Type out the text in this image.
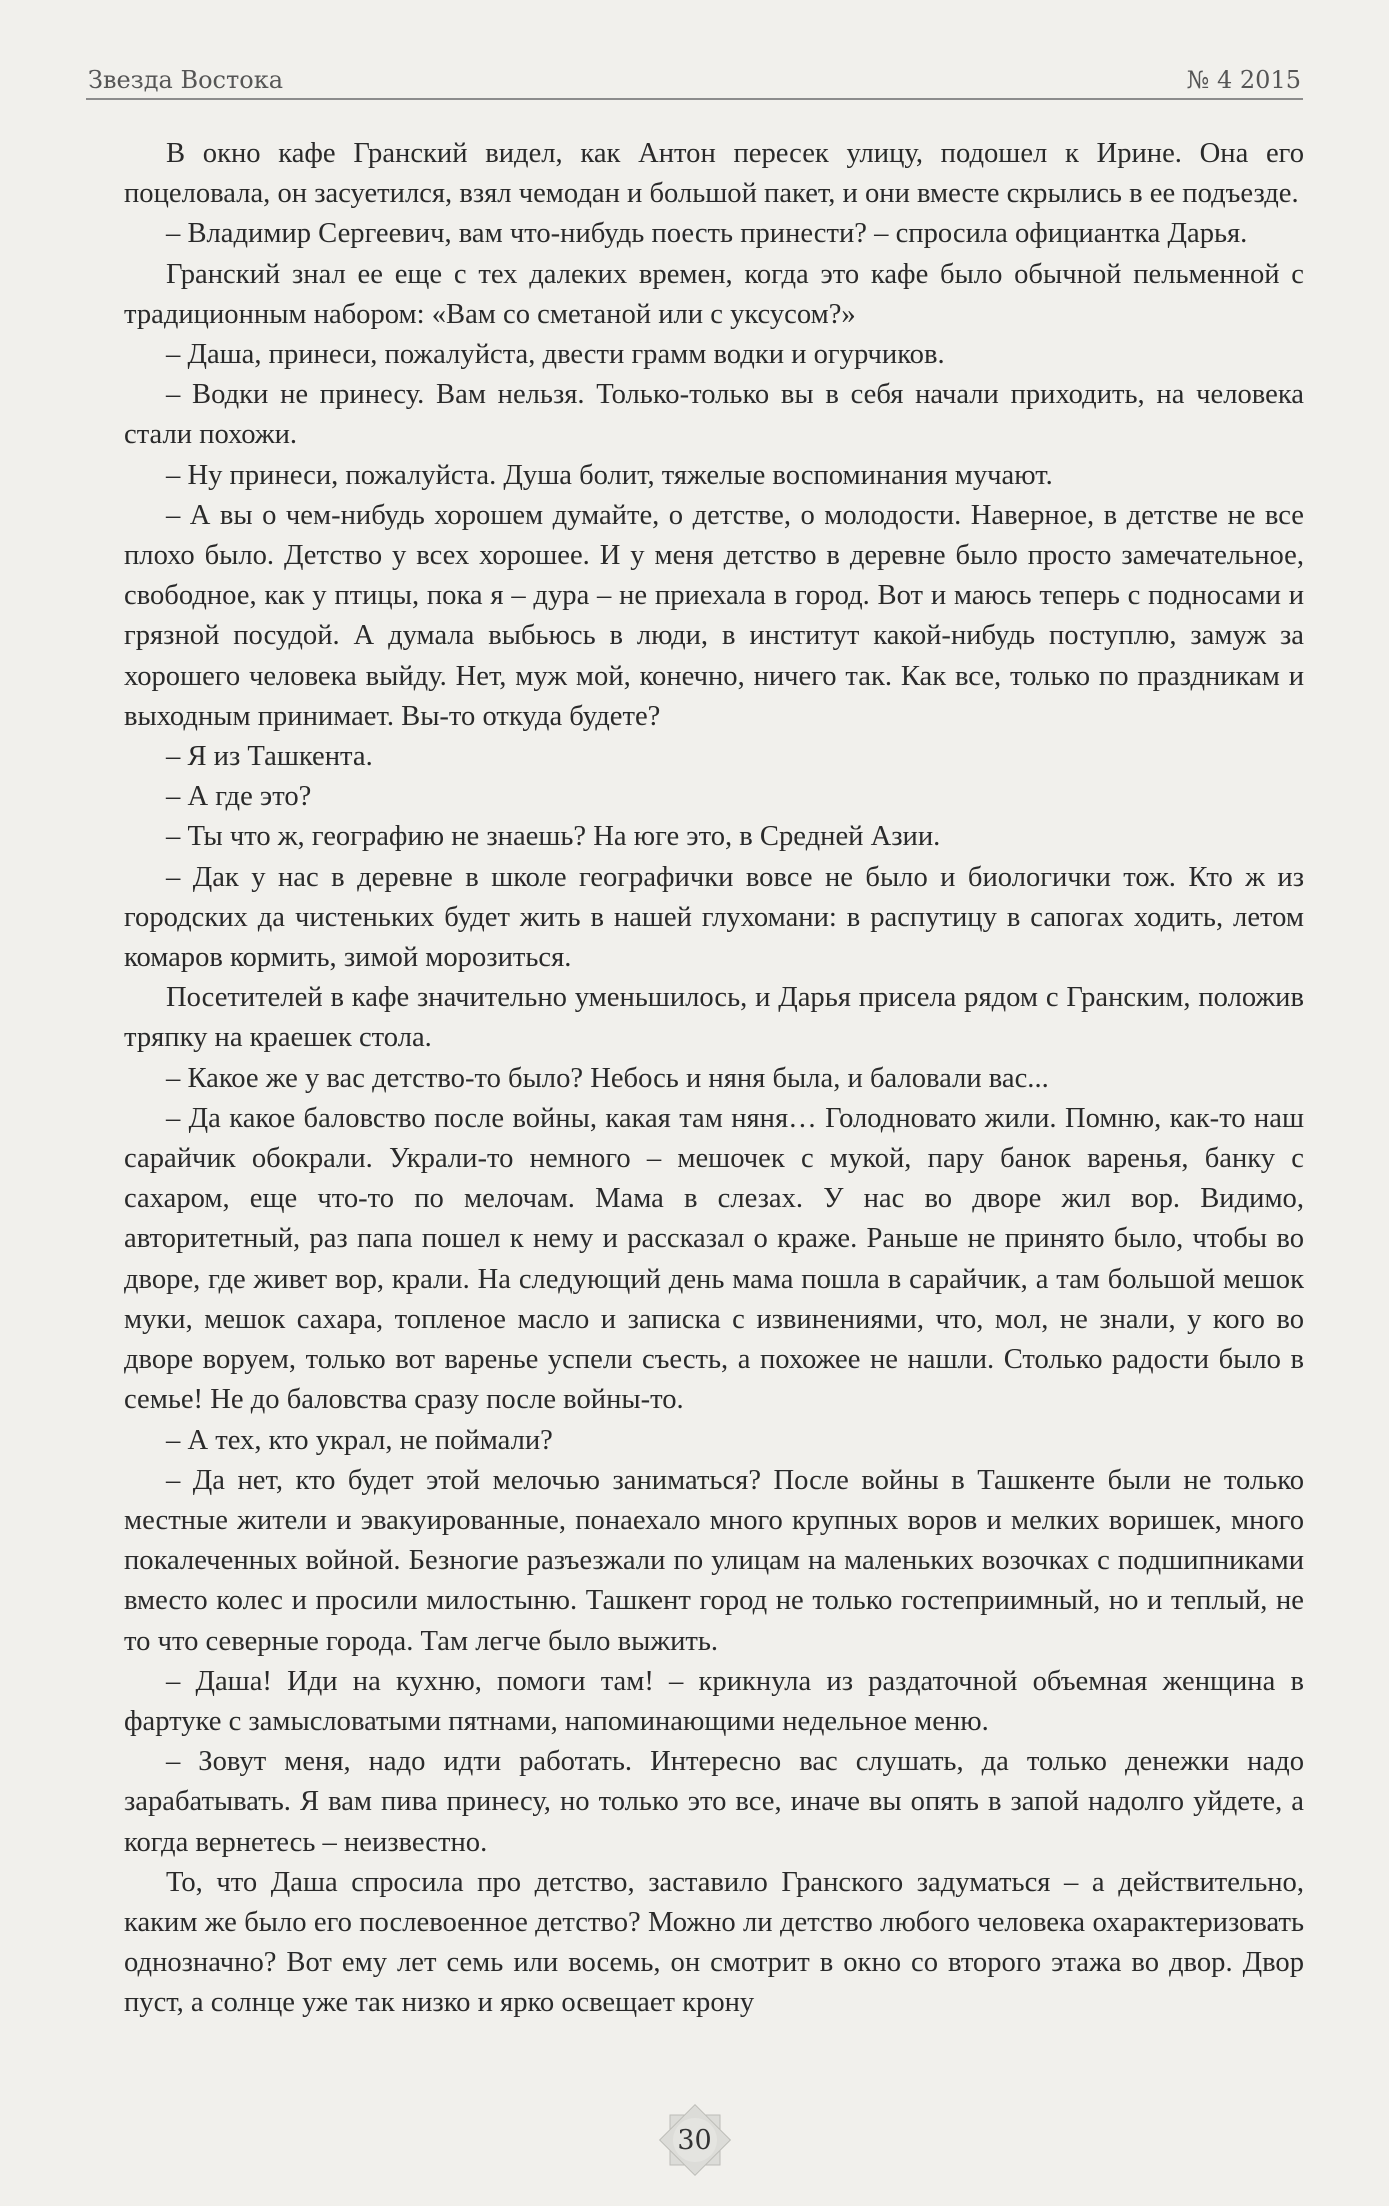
Звезда Востока	№ 4 2015

В окно кафе Гранский видел, как Антон пересек улицу, подошел к Ирине. Она его поцеловала, он засуетился, взял чемодан и большой пакет, и они вместе скрылись в ее подъезде.

– Владимир Сергеевич, вам что-нибудь поесть принести? – спросила официантка Дарья.

Гранский знал ее еще с тех далеких времен, когда это кафе было обычной пельменной с традиционным набором: «Вам со сметаной или с уксусом?»

– Даша, принеси, пожалуйста, двести грамм водки и огурчиков.

– Водки не принесу. Вам нельзя. Только-только вы в себя начали приходить, на человека стали похожи.

– Ну принеси, пожалуйста. Душа болит, тяжелые воспоминания мучают.

– А вы о чем-нибудь хорошем думайте, о детстве, о молодости. Наверное, в детстве не все плохо было. Детство у всех хорошее. И у меня детство в деревне было просто замечательное, свободное, как у птицы, пока я – дура – не приехала в город. Вот и маюсь теперь с подносами и грязной посудой. А думала выбьюсь в люди, в институт какой-нибудь поступлю, замуж за хорошего человека выйду. Нет, муж мой, конечно, ничего так. Как все, только по праздникам и выходным принимает. Вы-то откуда будете?

– Я из Ташкента.

– А где это?

– Ты что ж, географию не знаешь? На юге это, в Средней Азии.

– Дак у нас в деревне в школе географички вовсе не было и биологички тож. Кто ж из городских да чистеньких будет жить в нашей глухомани: в распутицу в сапогах ходить, летом комаров кормить, зимой морозиться.

Посетителей в кафе значительно уменьшилось, и Дарья присела рядом с Гранским, положив тряпку на краешек стола.

– Какое же у вас детство-то было? Небось и няня была, и баловали вас...

– Да какое баловство после войны, какая там няня… Голодновато жили. Помню, как-то наш сарайчик обокрали. Украли-то немного – мешочек с мукой, пару банок варенья, банку с сахаром, еще что-то по мелочам. Мама в слезах. У нас во дворе жил вор. Видимо, авторитетный, раз папа пошел к нему и рассказал о краже. Раньше не принято было, чтобы во дворе, где живет вор, крали. На следующий день мама пошла в сарайчик, а там большой мешок муки, мешок сахара, топленое масло и записка с извинениями, что, мол, не знали, у кого во дворе воруем, только вот варенье успели съесть, а похожее не нашли. Столько радости было в семье! Не до баловства сразу после войны-то.

– А тех, кто украл, не поймали?

– Да нет, кто будет этой мелочью заниматься? После войны в Ташкенте были не только местные жители и эвакуированные, понаехало много крупных воров и мелких воришек, много покалеченных войной. Безногие разъезжали по улицам на маленьких возочках с подшипниками вместо колес и просили милостыню. Ташкент город не только гостеприимный, но и теплый, не то что северные города. Там легче было выжить.

– Даша! Иди на кухню, помоги там! – крикнула из раздаточной объемная женщина в фартуке с замысловатыми пятнами, напоминающими недельное меню.

– Зовут меня, надо идти работать. Интересно вас слушать, да только денежки надо зарабатывать. Я вам пива принесу, но только это все, иначе вы опять в запой надолго уйдете, а когда вернетесь – неизвестно.

То, что Даша спросила про детство, заставило Гранского задуматься – а действительно, каким же было его послевоенное детство? Можно ли детство любого человека охарактеризовать однозначно? Вот ему лет семь или восемь, он смотрит в окно со второго этажа во двор. Двор пуст, а солнце уже так низко и ярко освещает крону

30
